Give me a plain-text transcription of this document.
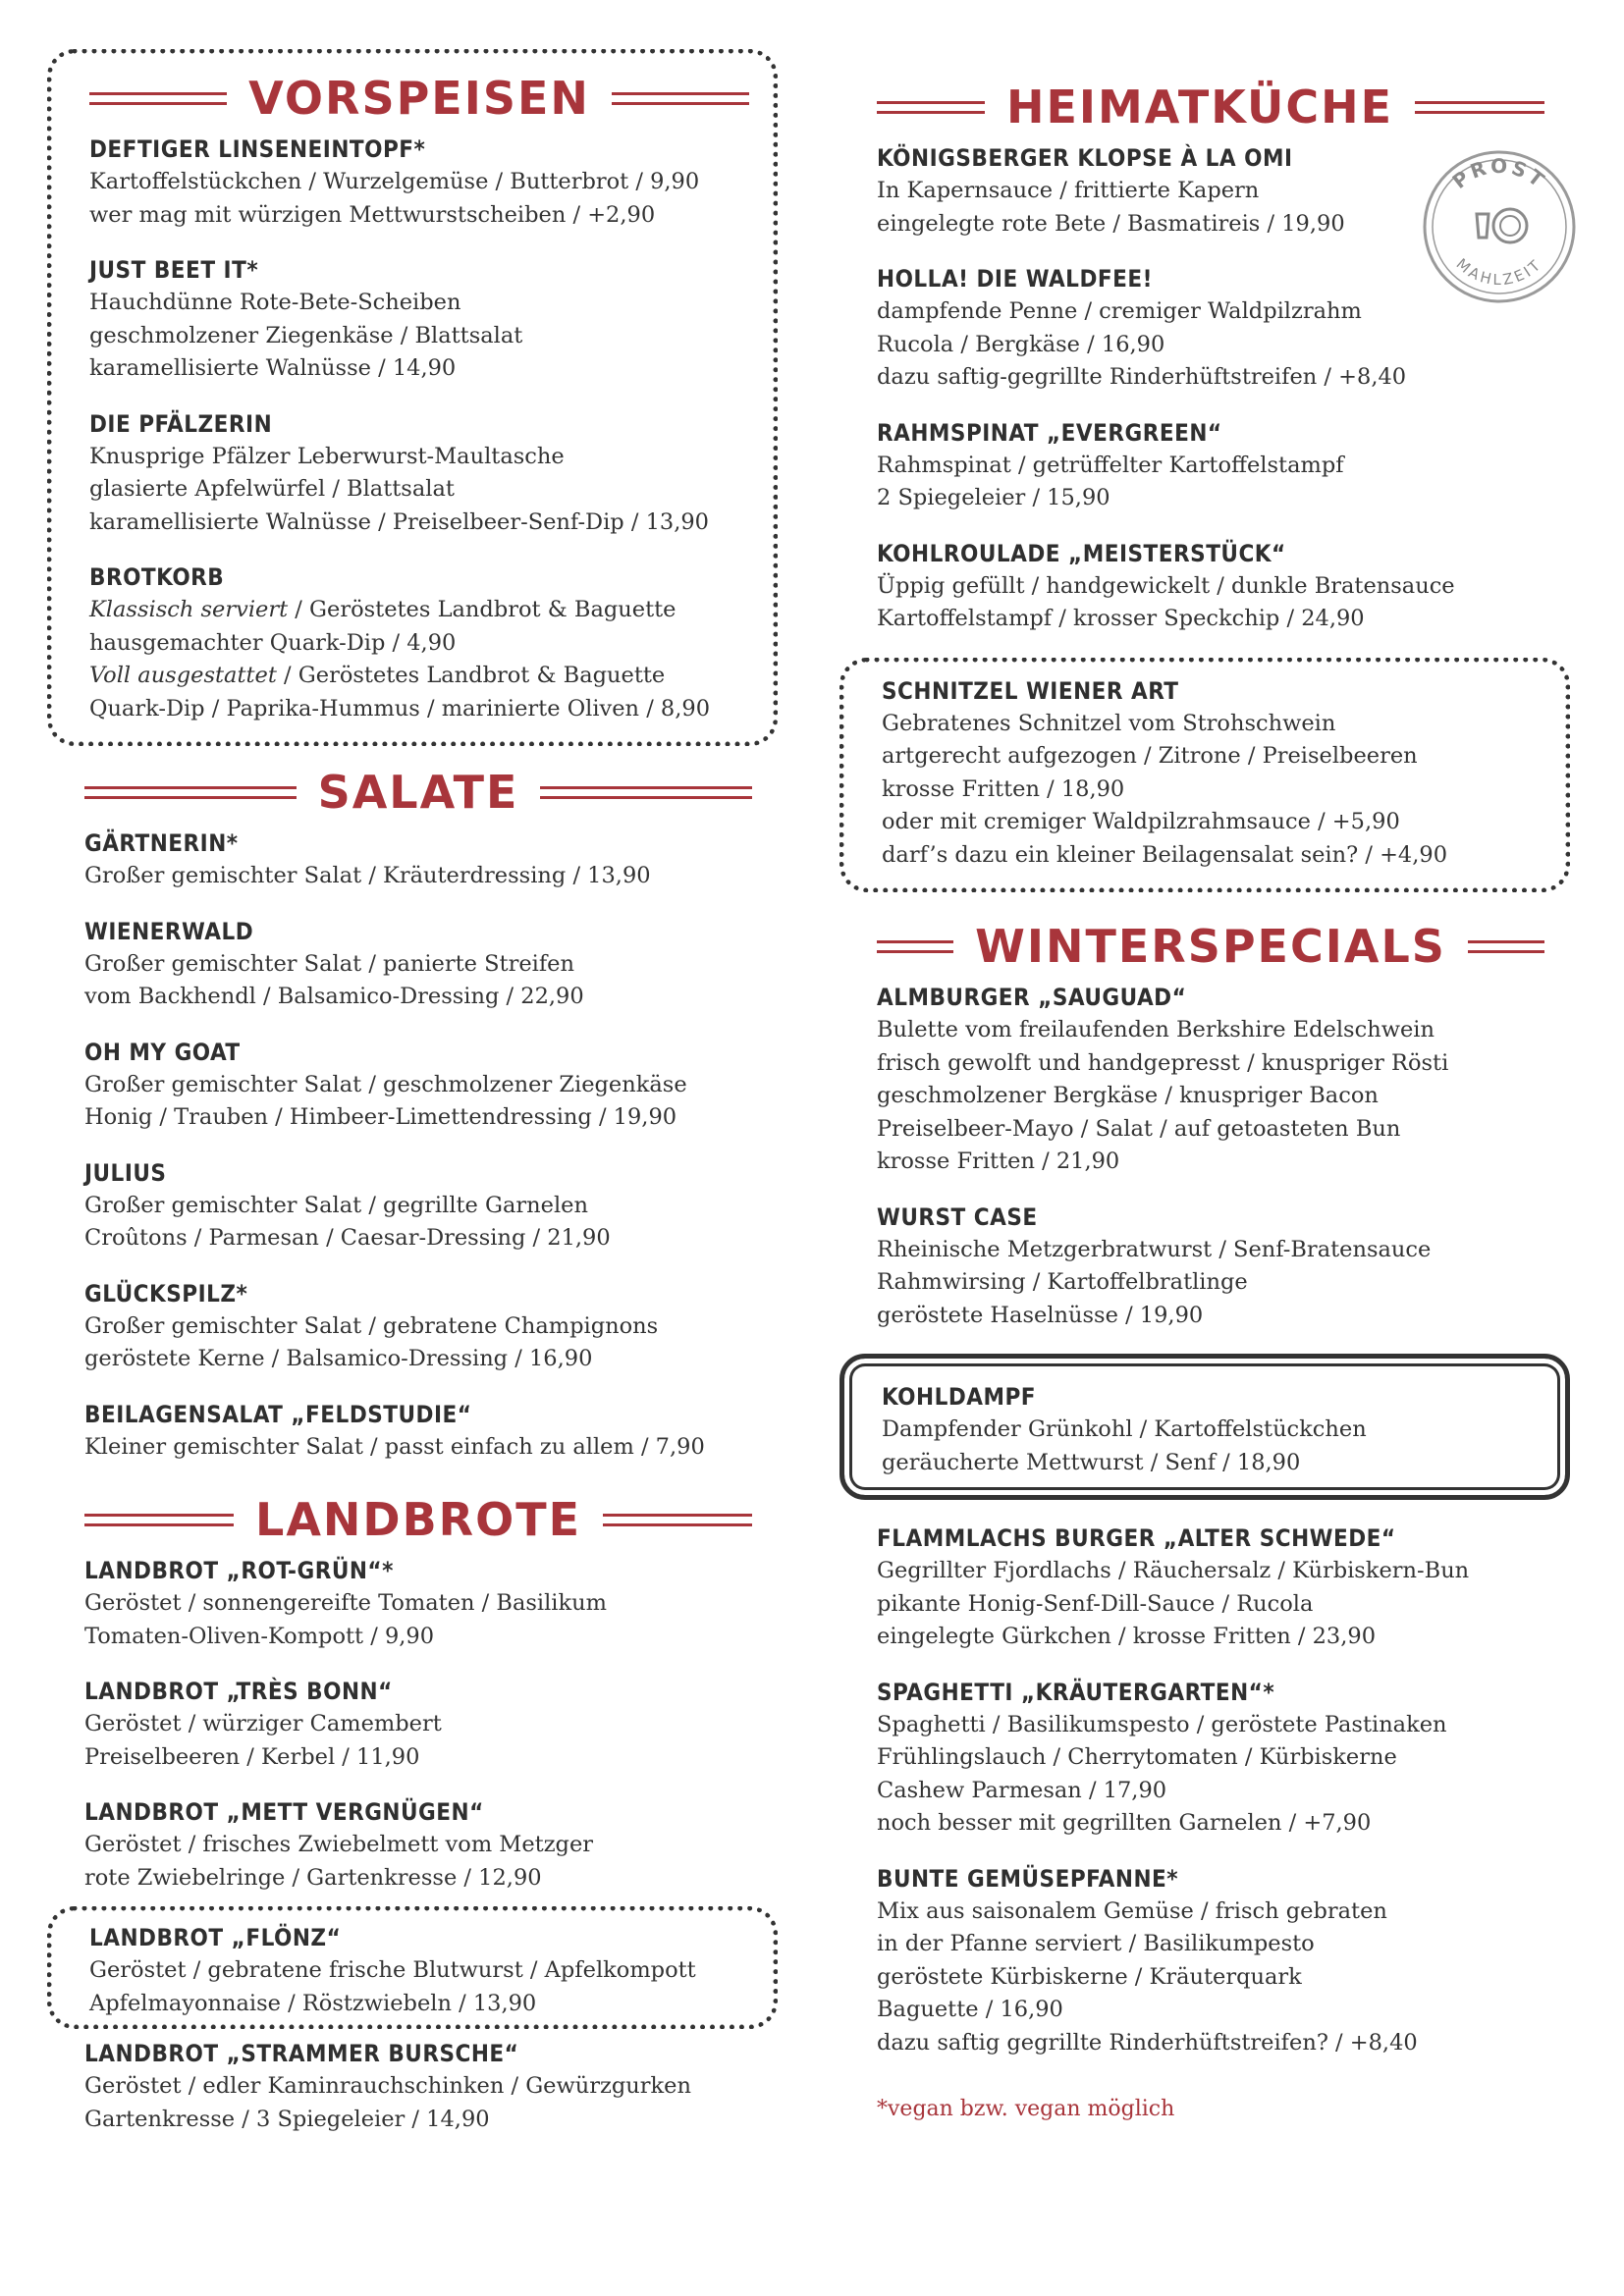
VORSPEISEN
DEFTIGER LINSENEINTOPF*
Kartoffelstückchen / Wurzelgemüse / Butterbrot / 9,90
wer mag mit würzigen Mettwurstscheiben / +2,90
JUST BEET IT*
Hauchdünne Rote-Bete-Scheiben
geschmolzener Ziegenkäse / Blattsalat
karamellisierte Walnüsse / 14,90
DIE PFÄLZERIN
Knusprige Pfälzer Leberwurst-Maultasche
glasierte Apfelwürfel / Blattsalat
karamellisierte Walnüsse / Preiselbeer-Senf-Dip / 13,90
BROTKORB
Klassisch serviert / Geröstetes Landbrot & Baguette
hausgemachter Quark-Dip / 4,90
Voll ausgestattet / Geröstetes Landbrot & Baguette
Quark-Dip / Paprika-Hummus / marinierte Oliven / 8,90
SALATE
GÄRTNERIN*
Großer gemischter Salat / Kräuterdressing / 13,90
WIENERWALD
Großer gemischter Salat / panierte Streifen
vom Backhendl / Balsamico-Dressing / 22,90
OH MY GOAT
Großer gemischter Salat / geschmolzener Ziegenkäse
Honig / Trauben / Himbeer-Limettendressing / 19,90
JULIUS
Großer gemischter Salat / gegrillte Garnelen
Croûtons / Parmesan / Caesar-Dressing / 21,90
GLÜCKSPILZ*
Großer gemischter Salat / gebratene Champignons
geröstete Kerne / Balsamico-Dressing / 16,90
BEILAGENSALAT „FELDSTUDIE“
Kleiner gemischter Salat / passt einfach zu allem / 7,90
LANDBROTE
LANDBROT „ROT-GRÜN“*
Geröstet / sonnengereifte Tomaten / Basilikum
Tomaten-Oliven-Kompott / 9,90
LANDBROT „TRÈS BONN“
Geröstet / würziger Camembert
Preiselbeeren / Kerbel / 11,90
LANDBROT „METT VERGNÜGEN“
Geröstet / frisches Zwiebelmett vom Metzger
rote Zwiebelringe / Gartenkresse / 12,90
LANDBROT „FLÖNZ“
Geröstet / gebratene frische Blutwurst / Apfelkompott
Apfelmayonnaise / Röstzwiebeln / 13,90
LANDBROT „STRAMMER BURSCHE“
Geröstet / edler Kaminrauchschinken / Gewürzgurken
Gartenkresse / 3 Spiegeleier / 14,90
HEIMATKÜCHE
KÖNIGSBERGER KLOPSE À LA OMI
In Kapernsauce / frittierte Kapern
eingelegte rote Bete / Basmatireis / 19,90
HOLLA! DIE WALDFEE!
dampfende Penne / cremiger Waldpilzrahm
Rucola / Bergkäse / 16,90
dazu saftig-gegrillte Rinderhüftstreifen / +8,40
RAHMSPINAT „EVERGREEN“
Rahmspinat / getrüffelter Kartoffelstampf
2 Spiegeleier / 15,90
KOHLROULADE „MEISTERSTÜCK“
Üppig gefüllt / handgewickelt / dunkle Bratensauce
Kartoffelstampf / krosser Speckchip / 24,90
SCHNITZEL WIENER ART
Gebratenes Schnitzel vom Strohschwein
artgerecht aufgezogen / Zitrone / Preiselbeeren
krosse Fritten / 18,90
oder mit cremiger Waldpilzrahmsauce / +5,90
darf’s dazu ein kleiner Beilagensalat sein? / +4,90
WINTERSPECIALS
ALMBURGER „SAUGUAD“
Bulette vom freilaufenden Berkshire Edelschwein
frisch gewolft und handgepresst / knuspriger Rösti
geschmolzener Bergkäse / knuspriger Bacon
Preiselbeer-Mayo / Salat / auf getoasteten Bun
krosse Fritten / 21,90
WURST CASE
Rheinische Metzgerbratwurst / Senf-Bratensauce
Rahmwirsing / Kartoffelbratlinge
geröstete Haselnüsse / 19,90
KOHLDAMPF
Dampfender Grünkohl / Kartoffelstückchen
geräucherte Mettwurst / Senf / 18,90
FLAMMLACHS BURGER „ALTER SCHWEDE“
Gegrillter Fjordlachs / Räuchersalz / Kürbiskern-Bun
pikante Honig-Senf-Dill-Sauce / Rucola
eingelegte Gürkchen / krosse Fritten / 23,90
SPAGHETTI „KRÄUTERGARTEN“*
Spaghetti / Basilikumspesto / geröstete Pastinaken
Frühlingslauch / Cherrytomaten / Kürbiskerne
Cashew Parmesan / 17,90
noch besser mit gegrillten Garnelen / +7,90
BUNTE GEMÜSEPFANNE*
Mix aus saisonalem Gemüse / frisch gebraten
in der Pfanne serviert / Basilikumpesto
geröstete Kürbiskerne / Kräuterquark
Baguette / 16,90
dazu saftig gegrillte Rinderhüftstreifen? / +8,40
*vegan bzw. vegan möglich
PROST
MAHLZEIT
